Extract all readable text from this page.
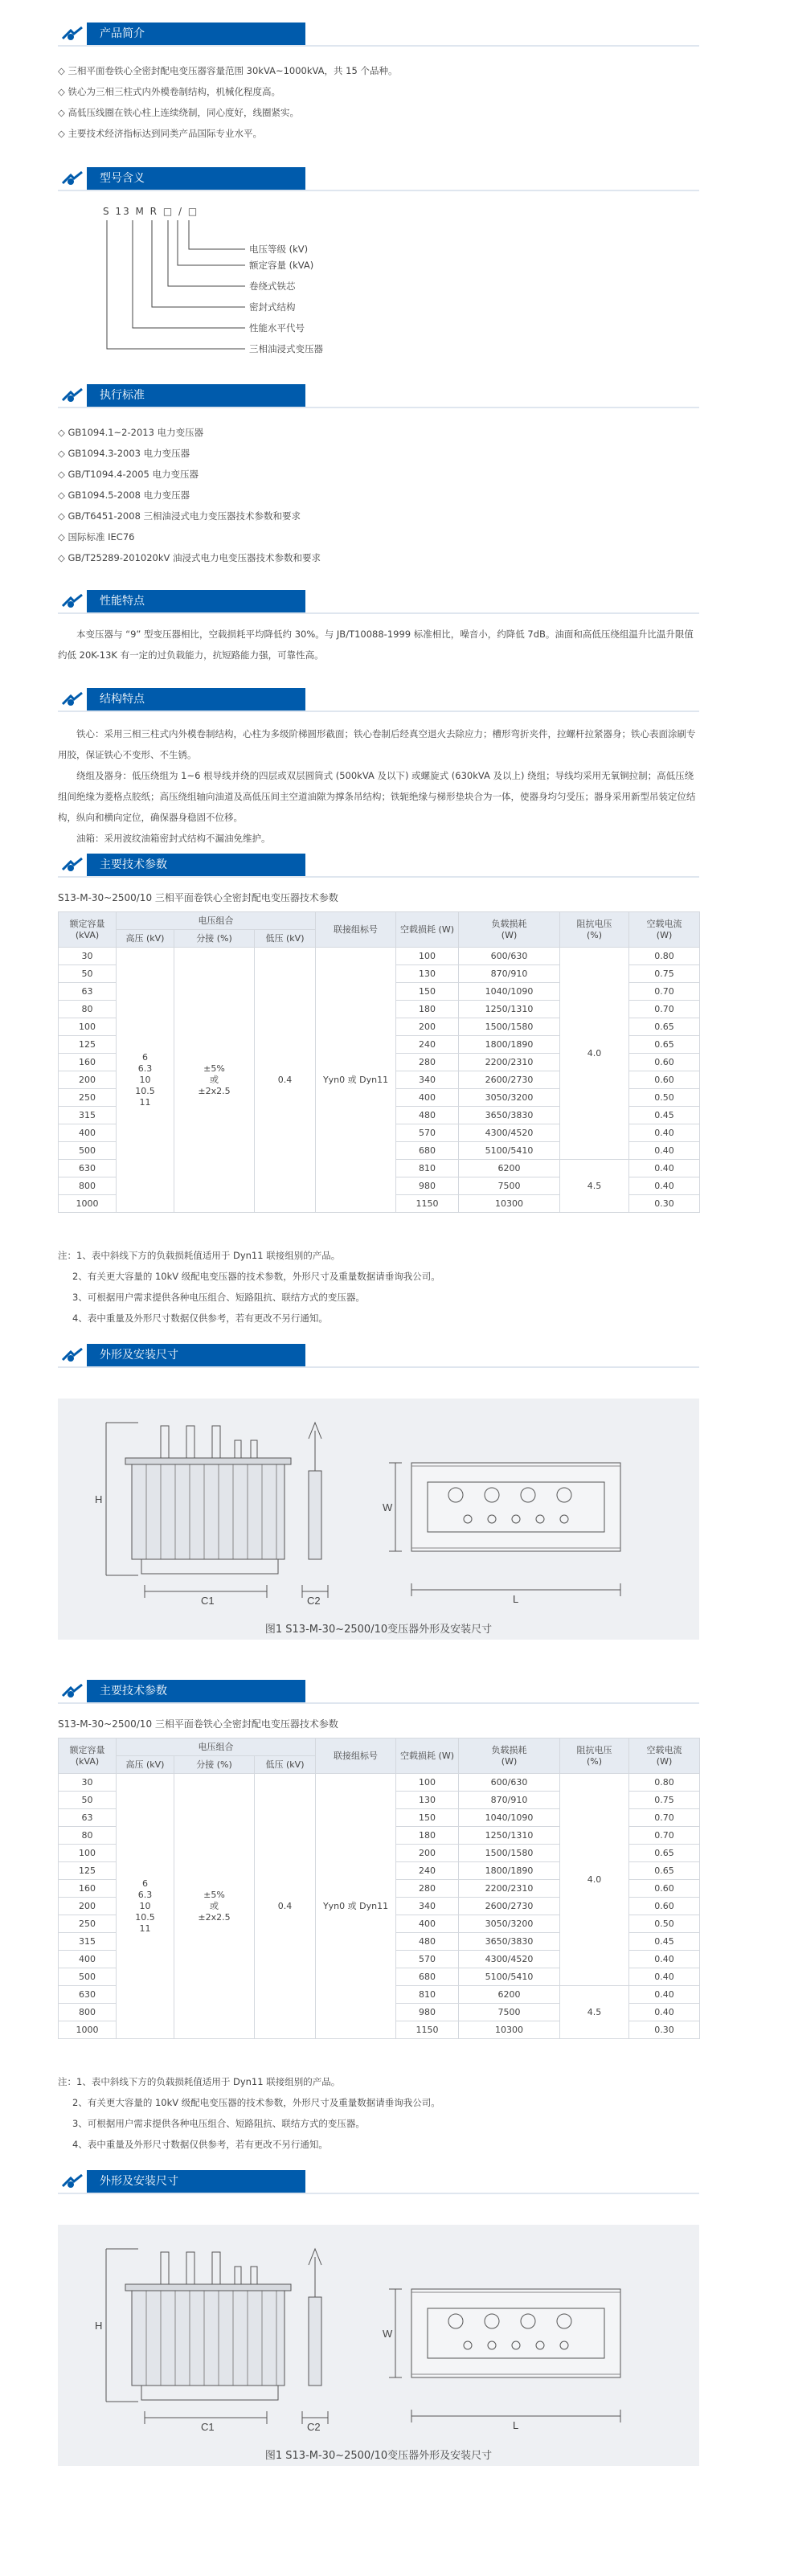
产品简介
◇ 三相平面卷铁心全密封配电变压器容量范围 30kVA~1000kVA，共 15 个品种。
◇ 铁心为三相三柱式内外模卷制结构，机械化程度高。
◇ 高低压线圈在铁心柱上连续绕制，同心度好，线圈紧实。
◇ 主要技术经济指标达到同类产品国际专业水平。
型号含义
S 13 M R □ / □
电压等级 (kV)
额定容量 (kVA)
卷绕式铁芯
密封式结构
性能水平代号
三相油浸式变压器
执行标准
◇ GB1094.1~2-2013 电力变压器
◇ GB1094.3-2003 电力变压器
◇ GB/T1094.4-2005 电力变压器
◇ GB1094.5-2008 电力变压器
◇ GB/T6451-2008 三相油浸式电力变压器技术参数和要求
◇ 国际标准 IEC76
◇ GB/T25289-201020kV 油浸式电力电变压器技术参数和要求
性能特点
本变压器与 “9” 型变压器相比，空载损耗平均降低约 30%。与 JB/T10088-1999 标准相比，噪音小，约降低 7dB。油面和高低压绕组温升比温升限值约低 20K-13K 有一定的过负载能力，抗短路能力强，可靠性高。
结构特点
铁心：采用三相三柱式内外模卷制结构，心柱为多级阶梯圆形截面；铁心卷制后经真空退火去除应力；槽形弯折夹件，拉螺杆拉紧器身；铁心表面涂刷专用胶，保证铁心不变形、不生锈。
绕组及器身：低压绕组为 1~6 根导线并绕的四层或双层圆筒式 (500kVA 及以下) 或螺旋式 (630kVA 及以上) 绕组；导线均采用无氧铜拉制；高低压绕组间绝缘为菱格点胶纸；高压绕组轴向油道及高低压间主空道油隙为撑条吊结构；铁轭绝缘与梯形垫块合为一体，使器身均匀受压；器身采用新型吊装定位结构，纵向和横向定位，确保器身稳固不位移。
油箱：采用波纹油箱密封式结构不漏油免维护。
主要技术参数
S13-M-30~2500/10 三相平面卷铁心全密封配电变压器技术参数
额定容量
(kVA)	电压组合			联接组标号	空载损耗 (W)	负载损耗
(W)	阻抗电压
(%)	空载电流
(W)
	高压 (kV)	分接 (%)	低压 (kV)					
30	6
6.3
10
10.5
11	±5%
或
±2x2.5	0.4	Yyn0 或 Dyn11	100	600/630	4.0	0.80
50					130	870/910		0.75
63					150	1040/1090		0.70
80					180	1250/1310		0.70
100					200	1500/1580		0.65
125					240	1800/1890		0.65
160					280	2200/2310		0.60
200					340	2600/2730		0.60
250					400	3050/3200		0.50
315					480	3650/3830		0.45
400					570	4300/4520		0.40
500					680	5100/5410		0.40
630					810	6200	4.5	0.40
800					980	7500		0.40
1000					1150	10300		0.30
注：1、表中斜线下方的负载损耗值适用于 Dyn11 联接组别的产品。
2、有关更大容量的 10kV 级配电变压器的技术参数，外形尺寸及重量数据请垂询我公司。
3、可根据用户需求提供各种电压组合、短路阻抗、联结方式的变压器。
4、表中重量及外形尺寸数据仅供参考，若有更改不另行通知。
外形及安装尺寸
H
C1	C2
W
L
图1 S13-M-30~2500/10变压器外形及安装尺寸
主要技术参数
S13-M-30~2500/10 三相平面卷铁心全密封配电变压器技术参数
额定容量
(kVA)	电压组合			联接组标号	空载损耗 (W)	负载损耗
(W)	阻抗电压
(%)	空载电流
(W)
	高压 (kV)	分接 (%)	低压 (kV)					
30	6
6.3
10
10.5
11	±5%
或
±2x2.5	0.4	Yyn0 或 Dyn11	100	600/630	4.0	0.80
50					130	870/910		0.75
63					150	1040/1090		0.70
80					180	1250/1310		0.70
100					200	1500/1580		0.65
125					240	1800/1890		0.65
160					280	2200/2310		0.60
200					340	2600/2730		0.60
250					400	3050/3200		0.50
315					480	3650/3830		0.45
400					570	4300/4520		0.40
500					680	5100/5410		0.40
630					810	6200	4.5	0.40
800					980	7500		0.40
1000					1150	10300		0.30
注：1、表中斜线下方的负载损耗值适用于 Dyn11 联接组别的产品。
2、有关更大容量的 10kV 级配电变压器的技术参数，外形尺寸及重量数据请垂询我公司。
3、可根据用户需求提供各种电压组合、短路阻抗、联结方式的变压器。
4、表中重量及外形尺寸数据仅供参考，若有更改不另行通知。
外形及安装尺寸
H
C1	C2
W
L
图1 S13-M-30~2500/10变压器外形及安装尺寸
